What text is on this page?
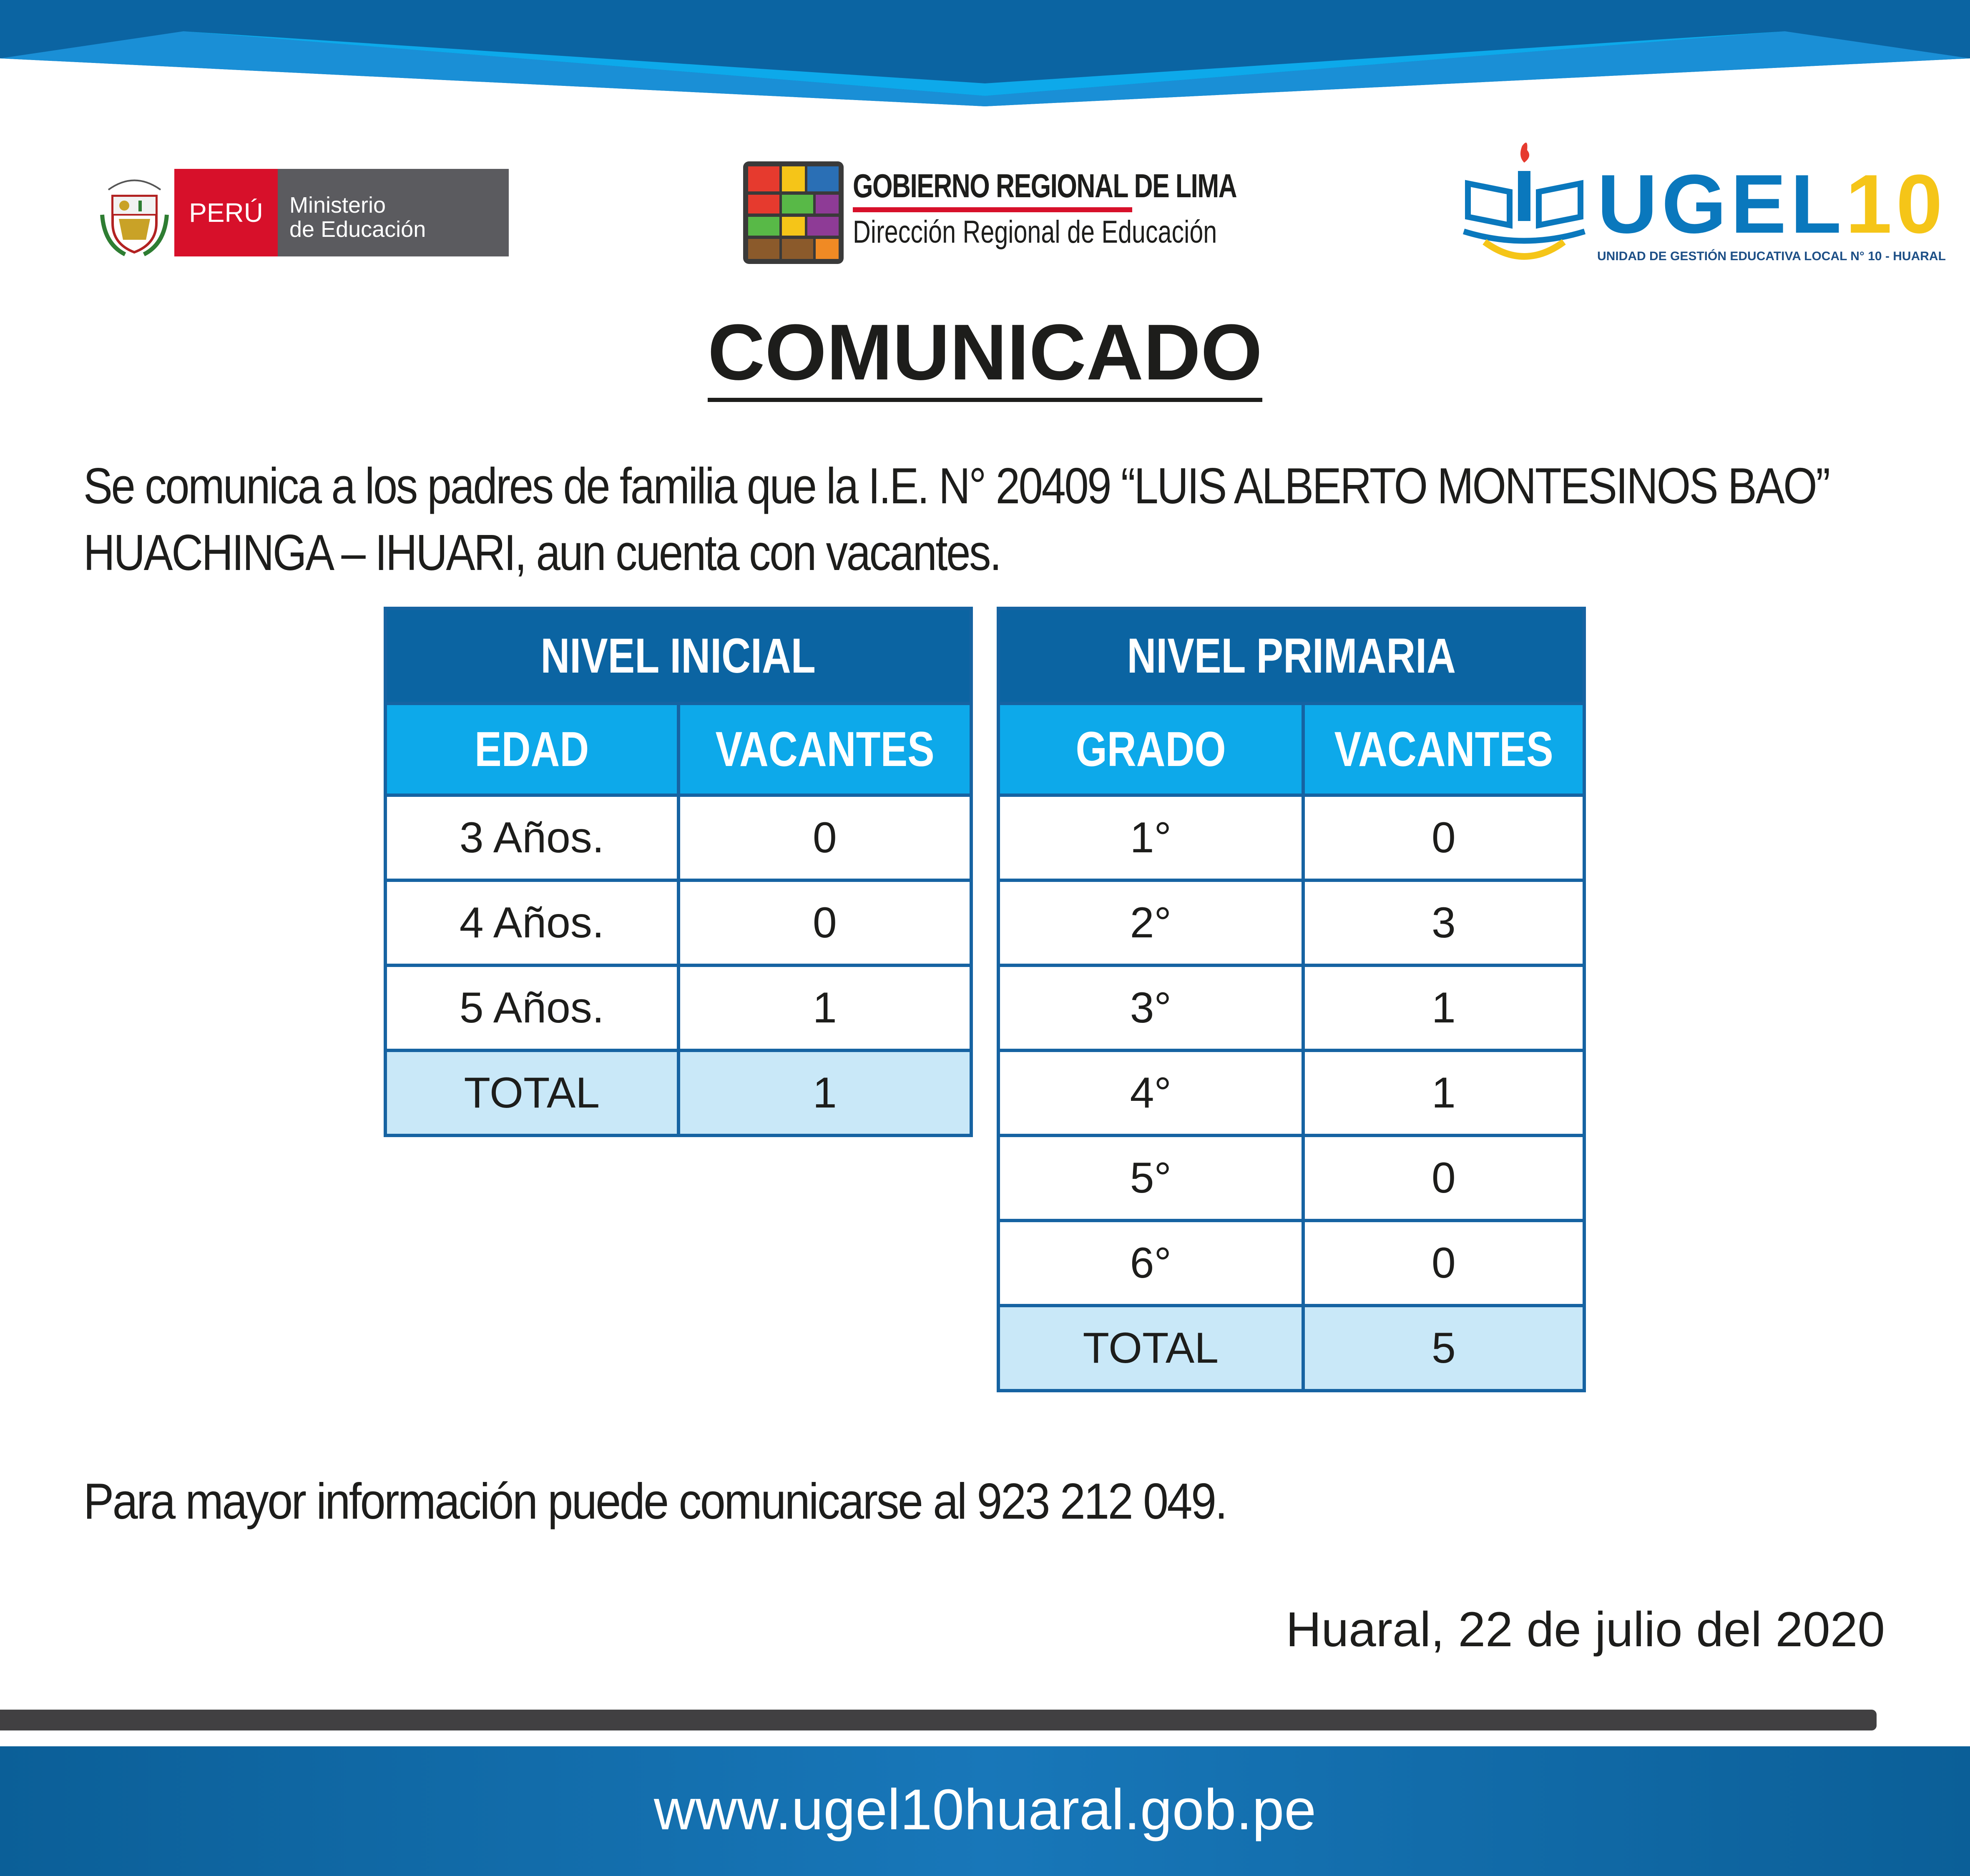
PERÚ	Ministerio
de Educación
GOBIERNO REGIONAL DE LIMA
Dirección Regional de Educación	UGEL10
UNIDAD DE GESTIÓN EDUCATIVA LOCAL N° 10 - HUARAL
COMUNICADO
Se comunica a los padres de familia que la I.E. N° 20409 “LUIS ALBERTO MONTESINOS BAO”
HUACHINGA – IHUARI, aun cuenta con vacantes.
NIVEL INICIAL	
EDAD	VACANTES
3 Años.	0
4 Años.	0
5 Años.	1
TOTAL	1
NIVEL PRIMARIA	
GRADO	VACANTES
1°	0
2°	3
3°	1
4°	1
5°	0
6°	0
TOTAL	5
Para mayor información puede comunicarse al 923 212 049.
Huaral, 22 de julio del 2020
www.ugel10huaral.gob.pe
